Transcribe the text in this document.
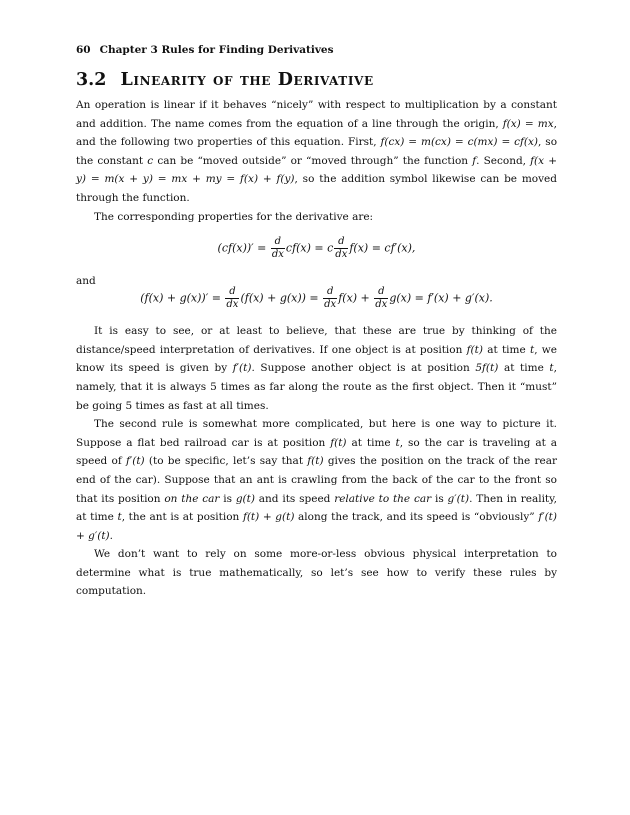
60 Chapter 3 Rules for Finding Derivatives
3.2 Linearity of the Derivative

An operation is linear if it behaves “nicely” with respect to multiplication by a constant and addition. The name comes from the equation of a line through the origin, f(x) = mx, and the following two properties of this equation. First, f(cx) = m(cx) = c(mx) = cf(x), so the constant c can be “moved outside” or “moved through” the function f. Second, f(x + y) = m(x + y) = mx + my = f(x) + f(y), so the addition symbol likewise can be moved through the function.

The corresponding properties for the derivative are:

$(cf(x))' = \frac{d}{dx} cf(x) = c \frac{d}{dx} f(x) = cf'(x)$,
and
$(f(x) + g(x))' = \frac{d}{dx} (f(x) + g(x)) = \frac{d}{dx} f(x) + \frac{d}{dx} g(x) = f'(x) + g'(x)$.

It is easy to see, or at least to believe, that these are true by thinking of the distance/speed interpretation of derivatives. If one object is at position f(t) at time t, we know its speed is given by f′(t). Suppose another object is at position 5f(t) at time t, namely, that it is always 5 times as far along the route as the first object. Then it “must” be going 5 times as fast at all times.

The second rule is somewhat more complicated, but here is one way to picture it. Suppose a flat bed railroad car is at position f(t) at time t, so the car is traveling at a speed of f′(t) (to be specific, let’s say that f(t) gives the position on the track of the rear end of the car). Suppose that an ant is crawling from the back of the car to the front so that its position on the car is g(t) and its speed relative to the car is g′(t). Then in reality, at time t, the ant is at position f(t) + g(t) along the track, and its speed is “obviously” f′(t) + g′(t).

We don’t want to rely on some more-or-less obvious physical interpretation to determine what is true mathematically, so let’s see how to verify these rules by computation.
